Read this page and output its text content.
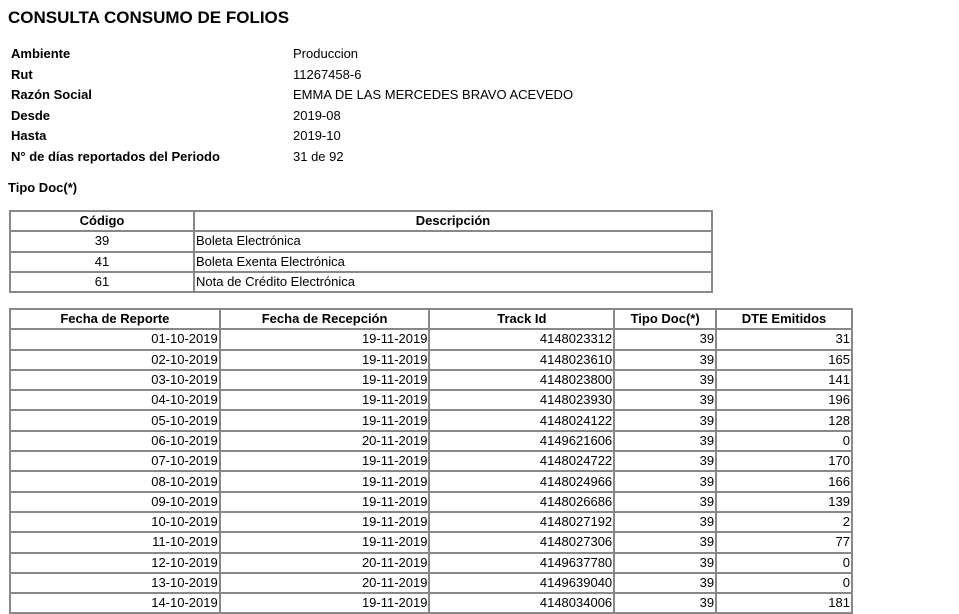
CONSULTA CONSUMO DE FOLIOS
Ambiente	Produccion
Rut	11267458-6
Razón Social	EMMA DE LAS MERCEDES BRAVO ACEVEDO
Desde	2019-08
Hasta	2019-10
N° de días reportados del Periodo	31 de 92
Tipo Doc(*)
Código	Descripción
39	Boleta Electrónica
41	Boleta Exenta Electrónica
61	Nota de Crédito Electrónica
Fecha de Reporte	Fecha de Recepción	Track Id	Tipo Doc(*)	DTE Emitidos
01-10-2019	19-11-2019	4148023312	39	31
02-10-2019	19-11-2019	4148023610	39	165
03-10-2019	19-11-2019	4148023800	39	141
04-10-2019	19-11-2019	4148023930	39	196
05-10-2019	19-11-2019	4148024122	39	128
06-10-2019	20-11-2019	4149621606	39	0
07-10-2019	19-11-2019	4148024722	39	170
08-10-2019	19-11-2019	4148024966	39	166
09-10-2019	19-11-2019	4148026686	39	139
10-10-2019	19-11-2019	4148027192	39	2
11-10-2019	19-11-2019	4148027306	39	77
12-10-2019	20-11-2019	4149637780	39	0
13-10-2019	20-11-2019	4149639040	39	0
14-10-2019	19-11-2019	4148034006	39	181
